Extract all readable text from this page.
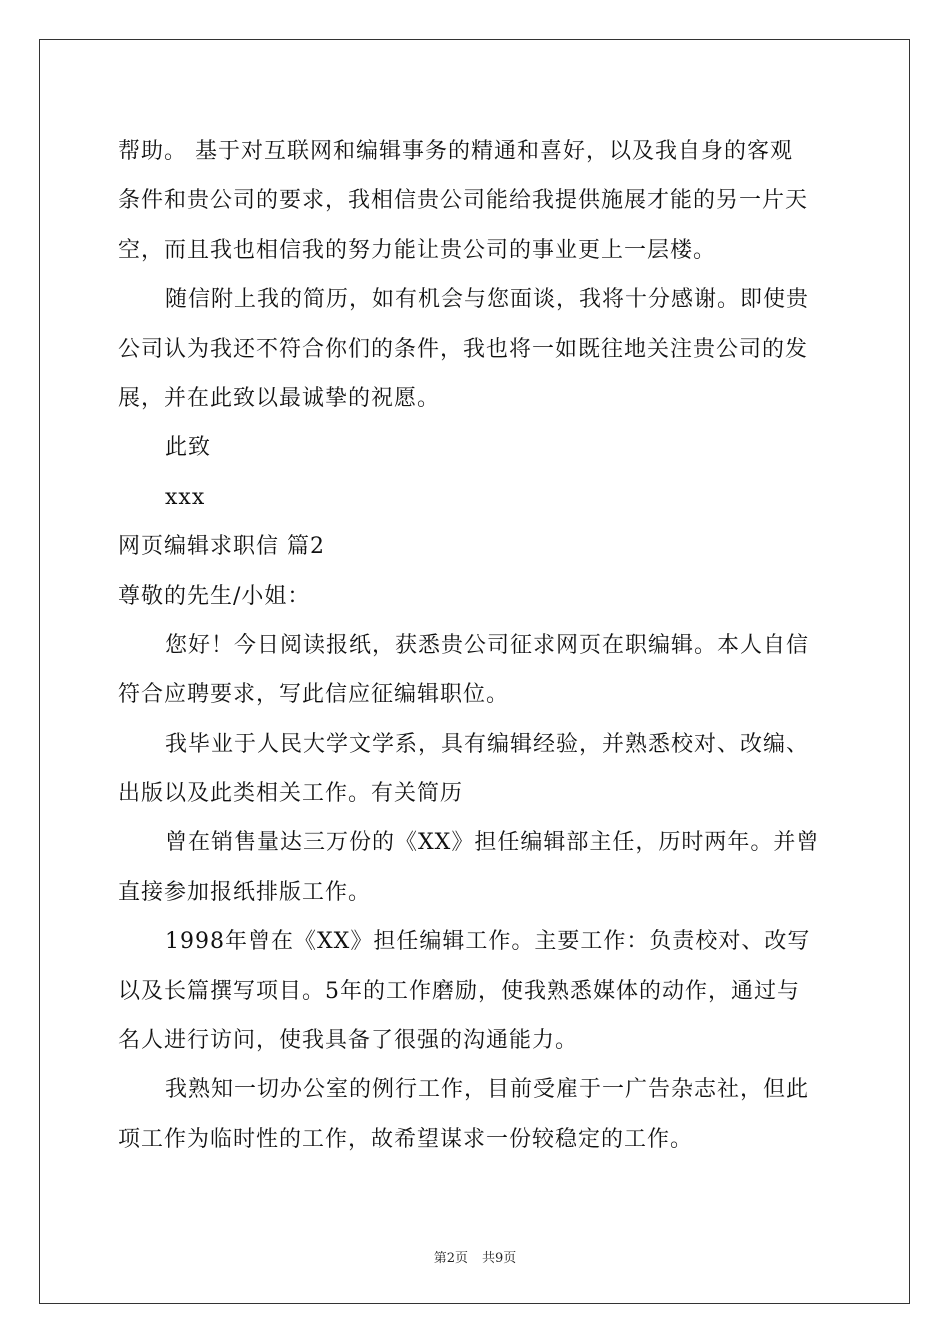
帮助。 基于对互联网和编辑事务的精通和喜好，以及我自身的客观
条件和贵公司的要求，我相信贵公司能给我提供施展才能的另一片天
空，而且我也相信我的努力能让贵公司的事业更上一层楼。
随信附上我的简历，如有机会与您面谈，我将十分感谢。即使贵
公司认为我还不符合你们的条件，我也将一如既往地关注贵公司的发
展，并在此致以最诚挚的祝愿。
此致
xxx
网页编辑求职信 篇2
尊敬的先生/小姐：
您好！今日阅读报纸，获悉贵公司征求网页在职编辑。本人自信
符合应聘要求，写此信应征编辑职位。
我毕业于人民大学文学系，具有编辑经验，并熟悉校对、改编、
出版以及此类相关工作。有关简历
曾在销售量达三万份的《XX》担任编辑部主任，历时两年。并曾
直接参加报纸排版工作。
1998年曾在《XX》担任编辑工作。主要工作：负责校对、改写
以及长篇撰写项目。5年的工作磨励，使我熟悉媒体的动作，通过与
名人进行访问，使我具备了很强的沟通能力。
我熟知一切办公室的例行工作，目前受雇于一广告杂志社，但此
项工作为临时性的工作，故希望谋求一份较稳定的工作。
第2页 共9页
